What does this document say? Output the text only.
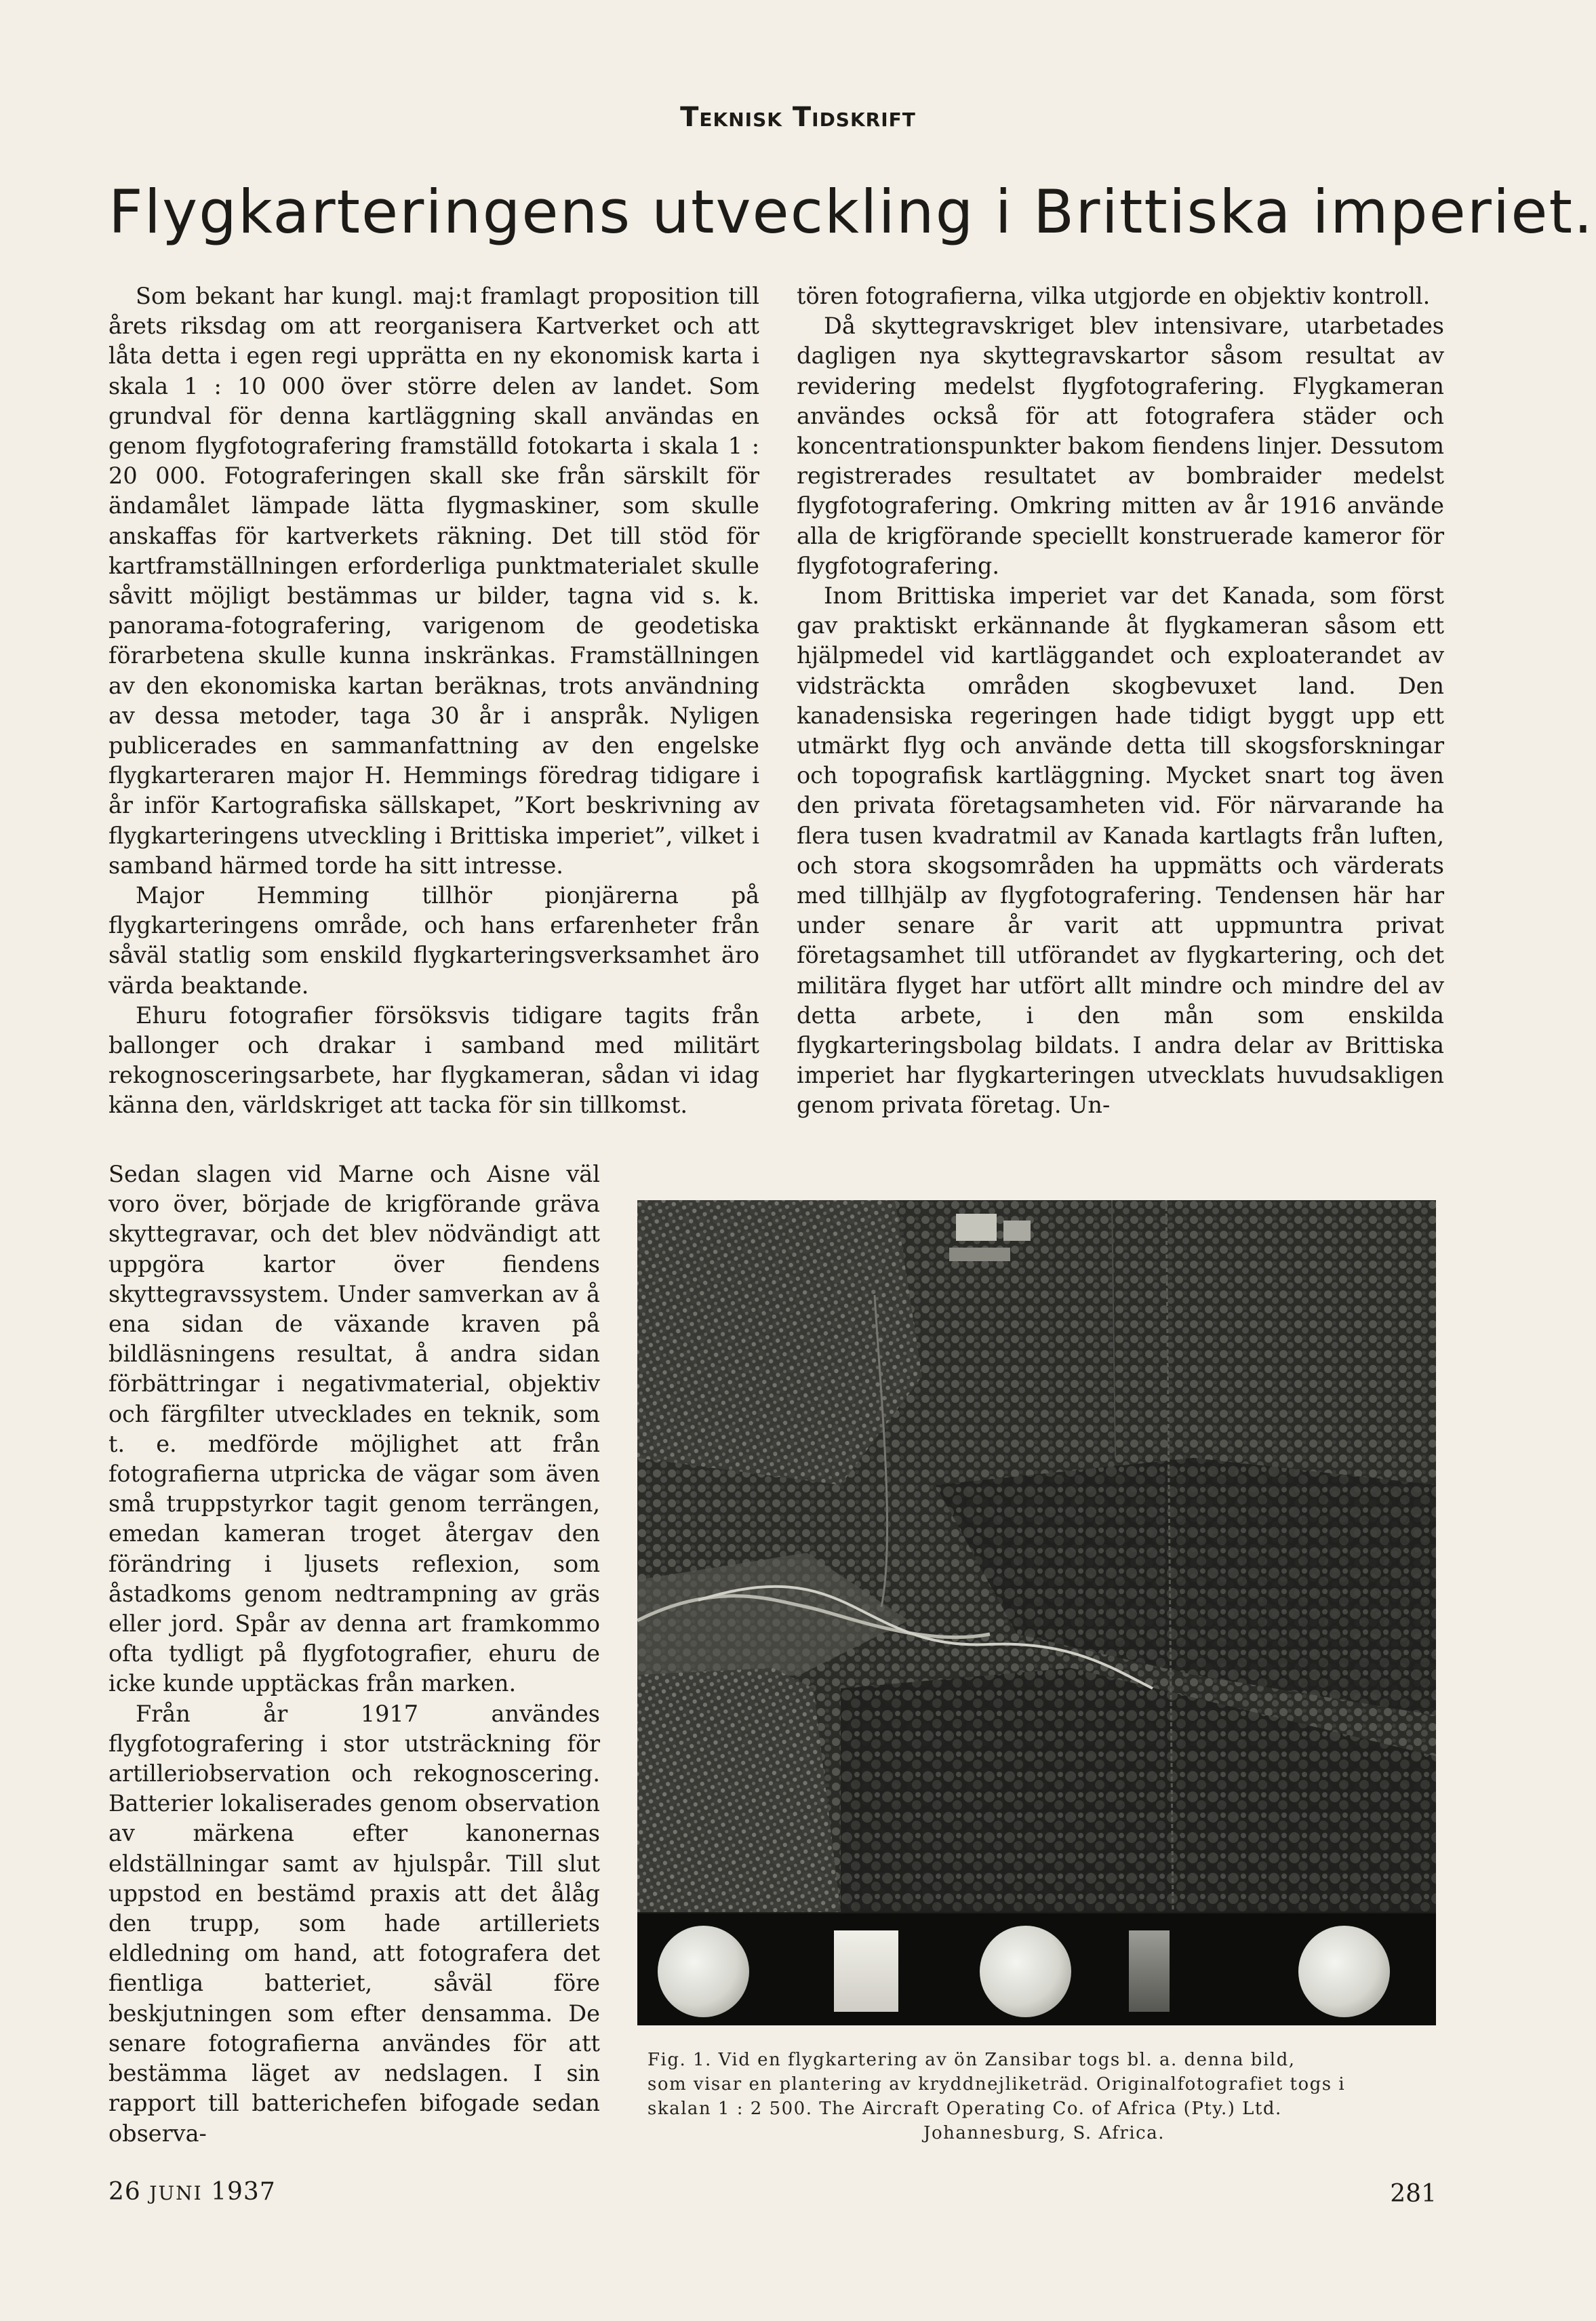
Teknisk Tidskrift
Flygkarteringens utveckling i Brittiska imperiet.

Som bekant har kungl. maj:t framlagt proposition till årets riksdag om att reorganisera Kartverket och att låta detta i egen regi upprätta en ny ekonomisk karta i skala 1 : 10 000 över större delen av landet. Som grundval för denna kartläggning skall användas en genom flygfotografering framställd fotokarta i skala 1 : 20 000. Fotograferingen skall ske från särskilt för ändamålet lämpade lätta flygmaskiner, som skulle anskaffas för kartverkets räkning. Det till stöd för kartframställningen erforderliga punktmaterialet skulle såvitt möjligt bestämmas ur bilder, tagna vid s. k. panorama-fotografering, varigenom de geodetiska förarbetena skulle kunna inskränkas. Framställningen av den ekonomiska kartan beräknas, trots användning av dessa metoder, taga 30 år i anspråk. Nyligen publicerades en sammanfattning av den engelske flygkarteraren major H. Hemmings föredrag tidigare i år inför Kartografiska sällskapet, ”Kort beskrivning av flygkarteringens utveckling i Brittiska imperiet”, vilket i samband härmed torde ha sitt intresse.

Major Hemming tillhör pionjärerna på flygkarteringens område, och hans erfarenheter från såväl statlig som enskild flygkarteringsverksamhet äro värda beaktande.

Ehuru fotografier försöksvis tidigare tagits från ballonger och drakar i samband med militärt rekognosceringsarbete, har flygkameran, sådan vi idag känna den, världskriget att tacka för sin tillkomst.

Sedan slagen vid Marne och Aisne väl voro över, började de krigförande gräva skyttegravar, och det blev nödvändigt att uppgöra kartor över fiendens skyttegravssystem. Under samverkan av å ena sidan de växande kraven på bildläsningens resultat, å andra sidan förbättringar i negativmaterial, objektiv och färgfilter utvecklades en teknik, som t. e. medförde möjlighet att från fotografierna utpricka de vägar som även små truppstyrkor tagit genom terrängen, emedan kameran troget återgav den förändring i ljusets reflexion, som åstadkoms genom nedtrampning av gräs eller jord. Spår av denna art framkommo ofta tydligt på flygfotografier, ehuru de icke kunde upptäckas från marken.

Från år 1917 användes flygfotografering i stor utsträckning för artilleriobservation och rekognoscering. Batterier lokaliserades genom observation av märkena efter kanonernas eldställningar samt av hjulspår. Till slut uppstod en bestämd praxis att det ålåg den trupp, som hade artilleriets eldledning om hand, att fotografera det fientliga batteriet, såväl före beskjutningen som efter densamma. De senare fotografierna användes för att bestämma läget av nedslagen. I sin rapport till batterichefen bifogade sedan observa-

tören fotografierna, vilka utgjorde en objektiv kontroll.

Då skyttegravskriget blev intensivare, utarbetades dagligen nya skyttegravskartor såsom resultat av revidering medelst flygfotografering. Flygkameran användes också för att fotografera städer och koncentrationspunkter bakom fiendens linjer. Dessutom registrerades resultatet av bombraider medelst flygfotografering. Omkring mitten av år 1916 använde alla de krigförande speciellt konstruerade kameror för flygfotografering.

Inom Brittiska imperiet var det Kanada, som först gav praktiskt erkännande åt flygkameran såsom ett hjälpmedel vid kartläggandet och exploaterandet av vidsträckta områden skogbevuxet land. Den kanadensiska regeringen hade tidigt byggt upp ett utmärkt flyg och använde detta till skogsforskningar och topografisk kartläggning. Mycket snart tog även den privata företagsamheten vid. För närvarande ha flera tusen kvadratmil av Kanada kartlagts från luften, och stora skogsområden ha uppmätts och värderats med tillhjälp av flygfotografering. Tendensen här har under senare år varit att uppmuntra privat företagsamhet till utförandet av flygkartering, och det militära flyget har utfört allt mindre och mindre del av detta arbete, i den mån som enskilda flygkarteringsbolag bildats. I andra delar av Brittiska imperiet har flygkarteringen utvecklats huvudsakligen genom privata företag. Un-

Fig. 1. Vid en flygkartering av ön Zansibar togs bl. a. denna bild,
som visar en plantering av kryddnejliketräd. Originalfotografiet togs i
skalan 1 : 2 500. The Aircraft Operating Co. of Africa (Pty.) Ltd.
Johannesburg, S. Africa.
26 JUNI 1937	281
